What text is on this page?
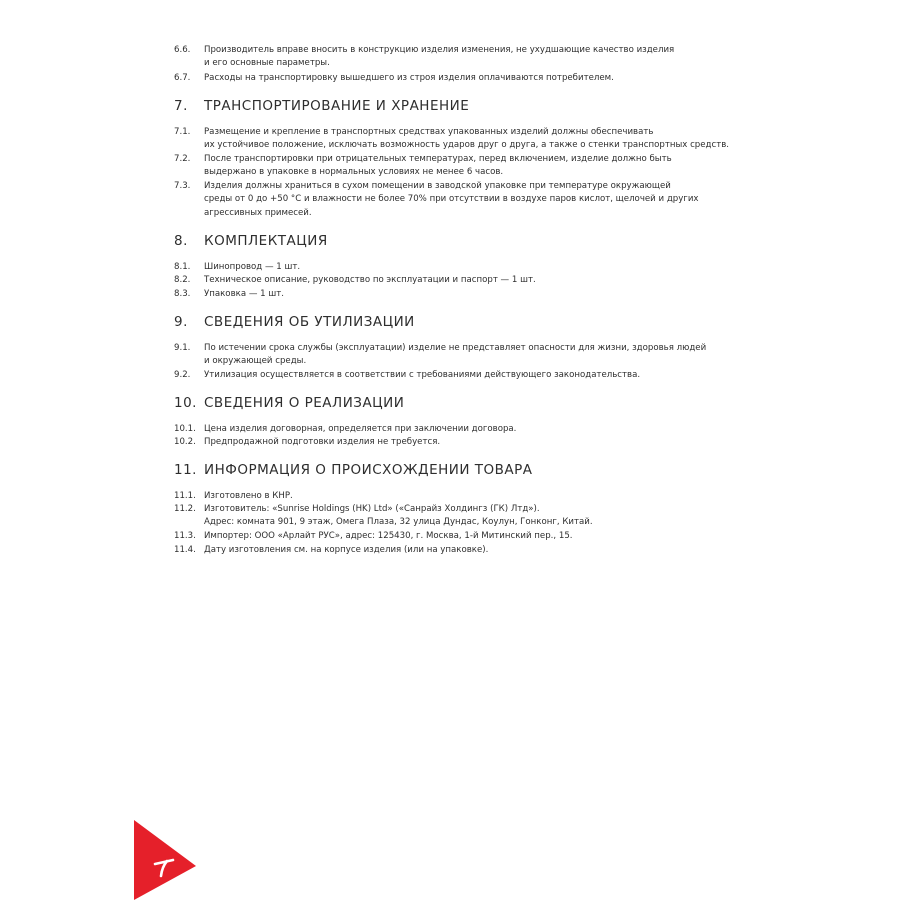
6.6. Производитель вправе вносить в конструкцию изделия изменения, не ухудшающие качество изделия
и его основные параметры.
6.7. Расходы на транспортировку вышедшего из строя изделия оплачиваются потребителем.
7. ТРАНСПОРТИРОВАНИЕ И ХРАНЕНИЕ
7.1. Размещение и крепление в транспортных средствах упакованных изделий должны обеспечивать
их устойчивое положение, исключать возможность ударов друг о друга, а также о стенки транспортных средств.
7.2. После транспортировки при отрицательных температурах, перед включением, изделие должно быть
выдержано в упаковке в нормальных условиях не менее 6 часов.
7.3. Изделия должны храниться в сухом помещении в заводской упаковке при температуре окружающей
среды от 0 до +50 °С и влажности не более 70% при отсутствии в воздухе паров кислот, щелочей и других
агрессивных примесей.
8. КОМПЛЕКТАЦИЯ
8.1. Шинопровод — 1 шт.
8.2. Техническое описание, руководство по эксплуатации и паспорт — 1 шт.
8.3. Упаковка — 1 шт.
9. СВЕДЕНИЯ ОБ УТИЛИЗАЦИИ
9.1. По истечении срока службы (эксплуатации) изделие не представляет опасности для жизни, здоровья людей
и окружающей среды.
9.2. Утилизация осуществляется в соответствии с требованиями действующего законодательства.
10. СВЕДЕНИЯ О РЕАЛИЗАЦИИ
10.1. Цена изделия договорная, определяется при заключении договора.
10.2. Предпродажной подготовки изделия не требуется.
11. ИНФОРМАЦИЯ О ПРОИСХОЖДЕНИИ ТОВАРА
11.1. Изготовлено в КНР.
11.2. Изготовитель: «Sunrise Holdings (HK) Ltd» («Санрайз Холдингз (ГК) Лтд»).
Адрес: комната 901, 9 этаж, Омега Плаза, 32 улица Дундас, Коулун, Гонконг, Китай.
11.3. Импортер: ООО «Арлайт РУС», адрес: 125430, г. Москва, 1-й Митинский пер., 15.
11.4. Дату изготовления см. на корпусе изделия (или на упаковке).
